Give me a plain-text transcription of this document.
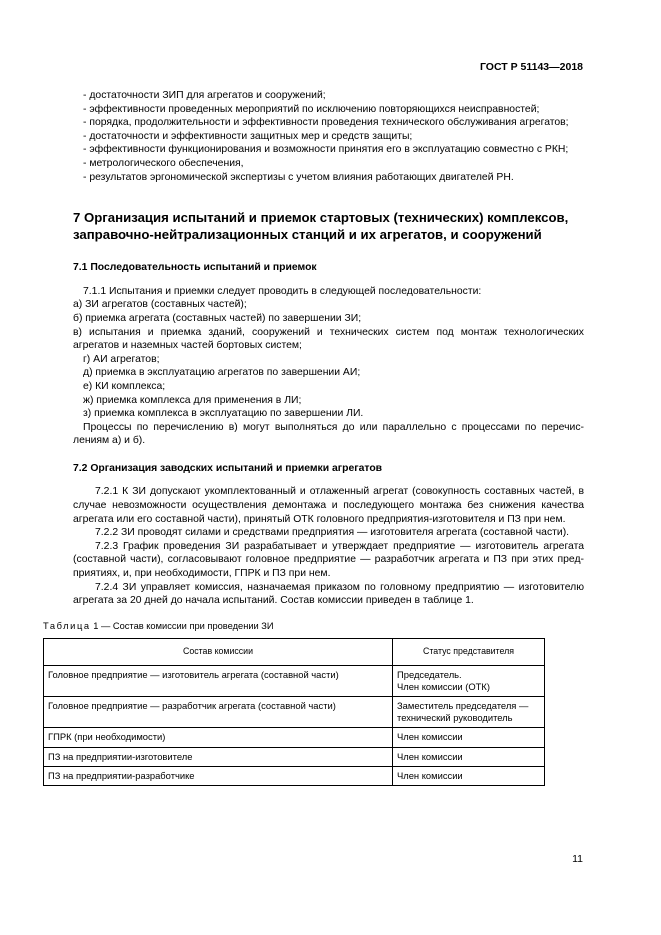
ГОСТ Р 51143—2018

- достаточности ЗИП для агрегатов и сооружений;

- эффективности проведенных мероприятий по исключению повторяющихся неисправностей;

- порядка, продолжительности и эффективности проведения технического обслуживания агрегатов;

- достаточности и эффективности защитных мер и средств защиты;

- эффективности функционирования и возможности принятия его в эксплуатацию совместно с РКН;

- метрологического обеспечения,

- результатов эргономической экспертизы с учетом влияния работающих двигателей РН.

7 Организация испытаний и приемок стартовых (технических) комплексов, заправочно-нейтрализационных станций и их агрегатов, и сооружений
7.1 Последовательность испытаний и приемок

7.1.1 Испытания и приемки следует проводить в следующей последовательности:

а) ЗИ агрегатов (составных частей);

б) приемка агрегата (составных частей) по завершении ЗИ;

в) испытания и приемка зданий, сооружений и технических систем под монтаж технологических агрегатов и наземных частей бортовых систем;

г) АИ агрегатов;

д) приемка в эксплуатацию агрегатов по завершении АИ;

е) КИ комплекса;

ж) приемка комплекса для применения в ЛИ;

з) приемка комплекса в эксплуатацию по завершении ЛИ.

Процессы по перечислению в) могут выполняться до или параллельно с процессами по перечислениям а) и б).

7.2 Организация заводских испытаний и приемки агрегатов

7.2.1 К ЗИ допускают укомплектованный и отлаженный агрегат (совокупность составных частей, в случае невозможности осуществления демонтажа и последующего монтажа без снижения качества агрегата или его составной части), принятый ОТК головного предприятия-изготовителя и ПЗ при нем.

7.2.2 ЗИ проводят силами и средствами предприятия — изготовителя агрегата (составной части).

7.2.3 График проведения ЗИ разрабатывает и утверждает предприятие — изготовитель агрегата (составной части), согласовывают головное предприятие — разработчик агрегата и ПЗ при этих предприятиях, и, при необходимости, ГПРК и ПЗ при нем.

7.2.4 ЗИ управляет комиссия, назначаемая приказом по головному предприятию — изготовителю агрегата за 20 дней до начала испытаний. Состав комиссии приведен в таблице 1.

Таблица 1 — Состав комиссии при проведении ЗИ
Состав комиссии	Статус представителя
Головное предприятие — изготовитель агрегата (составной части)	Председатель.
Член комиссии (ОТК)
Головное предприятие — разработчик агрегата (составной части)	Заместитель председателя —
технический руководитель
ГПРК (при необходимости)	Член комиссии
ПЗ на предприятии-изготовителе	Член комиссии
ПЗ на предприятии-разработчике	Член комиссии
11
